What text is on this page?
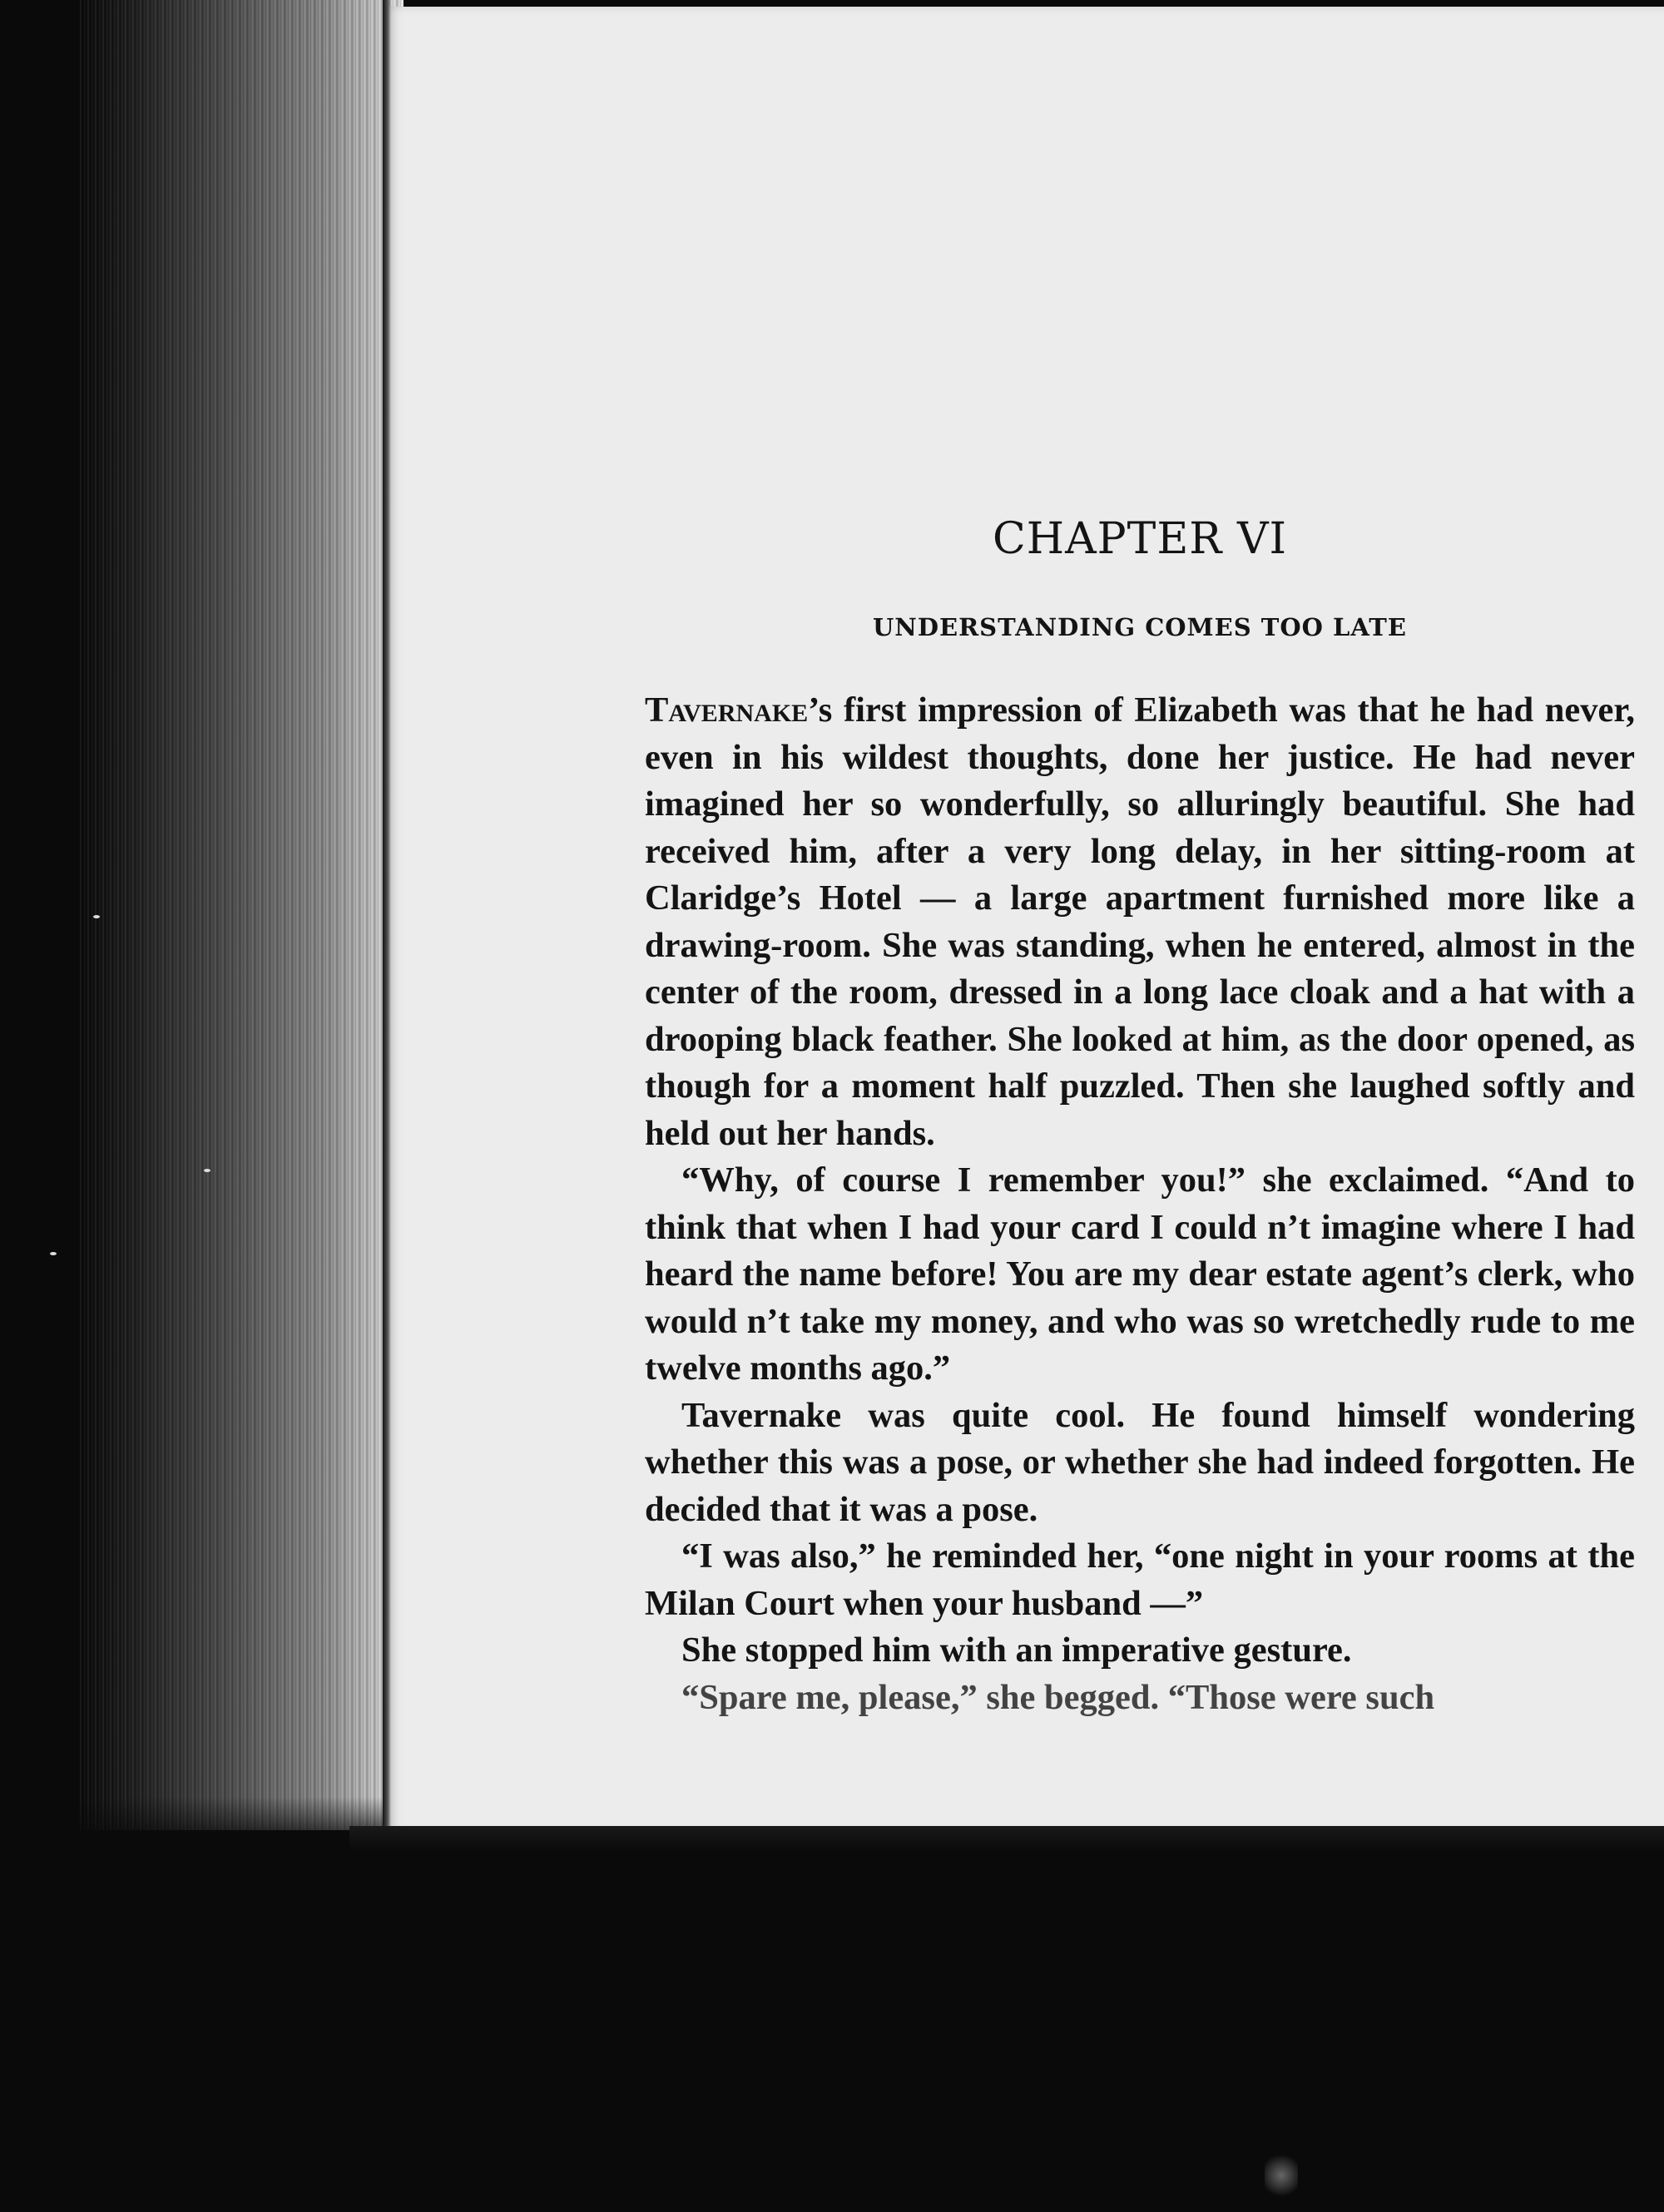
CHAPTER VI
UNDERSTANDING COMES TOO LATE

Tavernake’s first impression of Elizabeth was that he had never, even in his wildest thoughts, done her justice. He had never imagined her so wonderfully, so alluringly beautiful. She had received him, after a very long delay, in her sitting-room at Claridge’s Hotel — a large apartment furnished more like a drawing-room. She was standing, when he entered, almost in the center of the room, dressed in a long lace cloak and a hat with a drooping black feather. She looked at him, as the door opened, as though for a moment half puzzled. Then she laughed softly and held out her hands.

“Why, of course I remember you!” she exclaimed. “And to think that when I had your card I could n’t imagine where I had heard the name before! You are my dear estate agent’s clerk, who would n’t take my money, and who was so wretchedly rude to me twelve months ago.”

Tavernake was quite cool. He found himself wondering whether this was a pose, or whether she had indeed forgotten. He decided that it was a pose.

“I was also,” he reminded her, “one night in your rooms at the Milan Court when your husband —”

She stopped him with an imperative gesture.

“Spare me, please,” she begged. “Those were such
